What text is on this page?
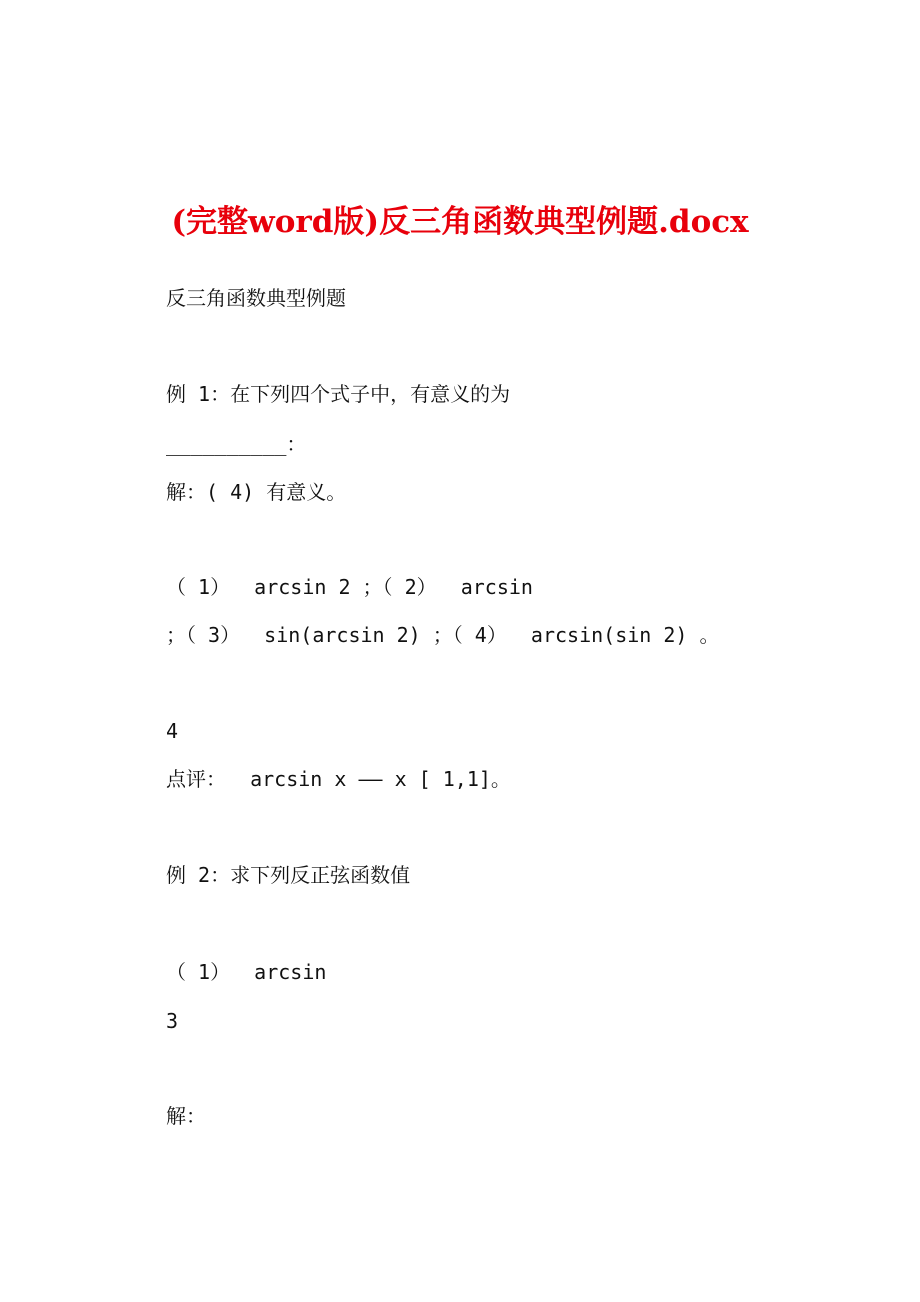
(完整word版)反三角函数典型例题.docx
反三角函数典型例题
例 1：在下列四个式子中，有意义的为
__________：
解：( 4) 有意义。
（ 1）  arcsin 2 ；（ 2）  arcsin
；（ 3）  sin(arcsin 2) ；（ 4）  arcsin(sin 2) 。
4
点评：  arcsin x —— x [ 1,1]。
例 2：求下列反正弦函数值
（ 1）  arcsin
3
解：
